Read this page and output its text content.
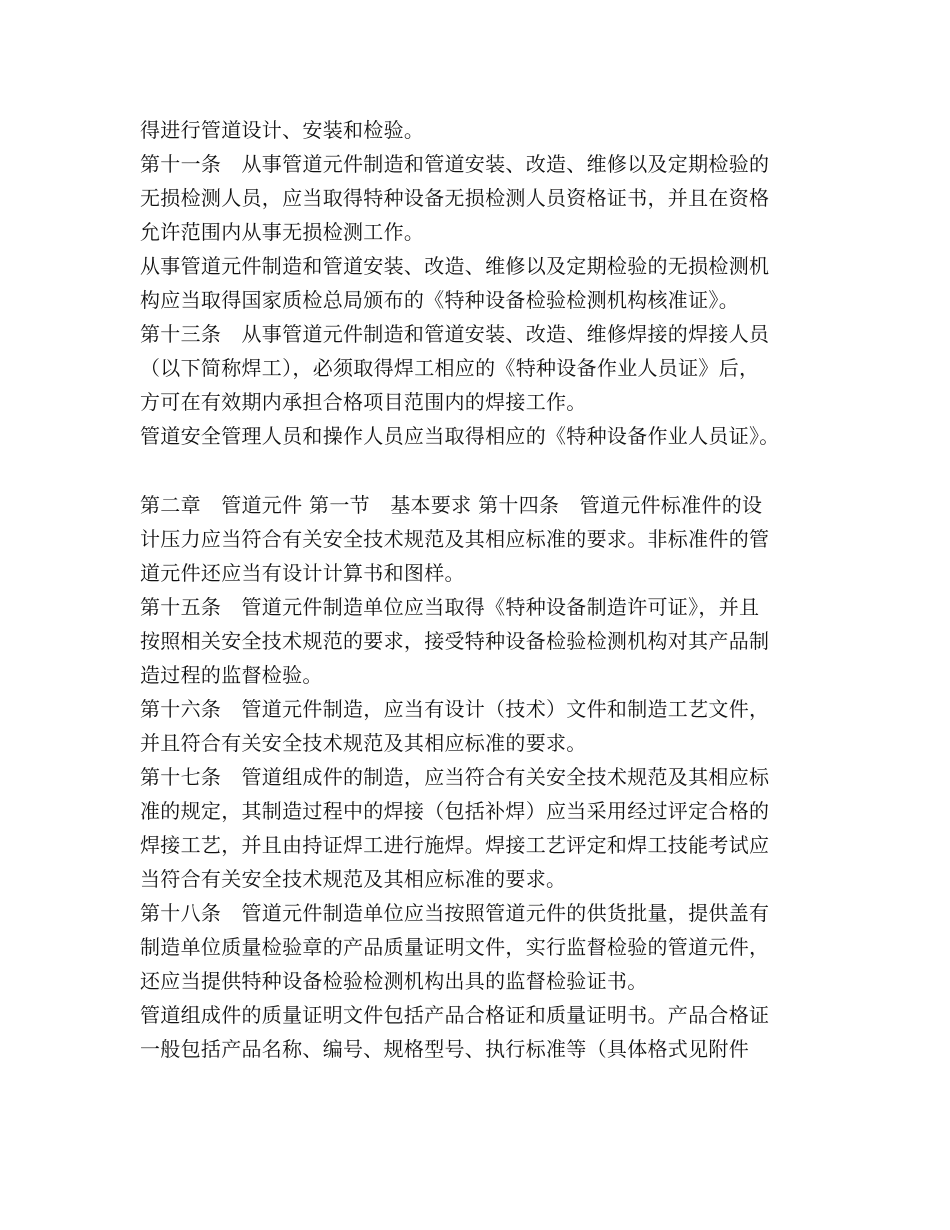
得进行管道设计、安装和检验。
第十一条　从事管道元件制造和管道安装、改造、维修以及定期检验的
无损检测人员，应当取得特种设备无损检测人员资格证书，并且在资格
允许范围内从事无损检测工作。
从事管道元件制造和管道安装、改造、维修以及定期检验的无损检测机
构应当取得国家质检总局颁布的《特种设备检验检测机构核准证》。
第十三条　从事管道元件制造和管道安装、改造、维修焊接的焊接人员
（以下简称焊工），必须取得焊工相应的《特种设备作业人员证》后，
方可在有效期内承担合格项目范围内的焊接工作。
管道安全管理人员和操作人员应当取得相应的《特种设备作业人员证》。
第二章　管道元件 第一节　基本要求 第十四条　管道元件标准件的设
计压力应当符合有关安全技术规范及其相应标准的要求。非标准件的管
道元件还应当有设计计算书和图样。
第十五条　管道元件制造单位应当取得《特种设备制造许可证》，并且
按照相关安全技术规范的要求，接受特种设备检验检测机构对其产品制
造过程的监督检验。
第十六条　管道元件制造，应当有设计（技术）文件和制造工艺文件，
并且符合有关安全技术规范及其相应标准的要求。
第十七条　管道组成件的制造，应当符合有关安全技术规范及其相应标
准的规定，其制造过程中的焊接（包括补焊）应当采用经过评定合格的
焊接工艺，并且由持证焊工进行施焊。焊接工艺评定和焊工技能考试应
当符合有关安全技术规范及其相应标准的要求。
第十八条　管道元件制造单位应当按照管道元件的供货批量，提供盖有
制造单位质量检验章的产品质量证明文件，实行监督检验的管道元件，
还应当提供特种设备检验检测机构出具的监督检验证书。
管道组成件的质量证明文件包括产品合格证和质量证明书。产品合格证
一般包括产品名称、编号、规格型号、执行标准等（具体格式见附件
